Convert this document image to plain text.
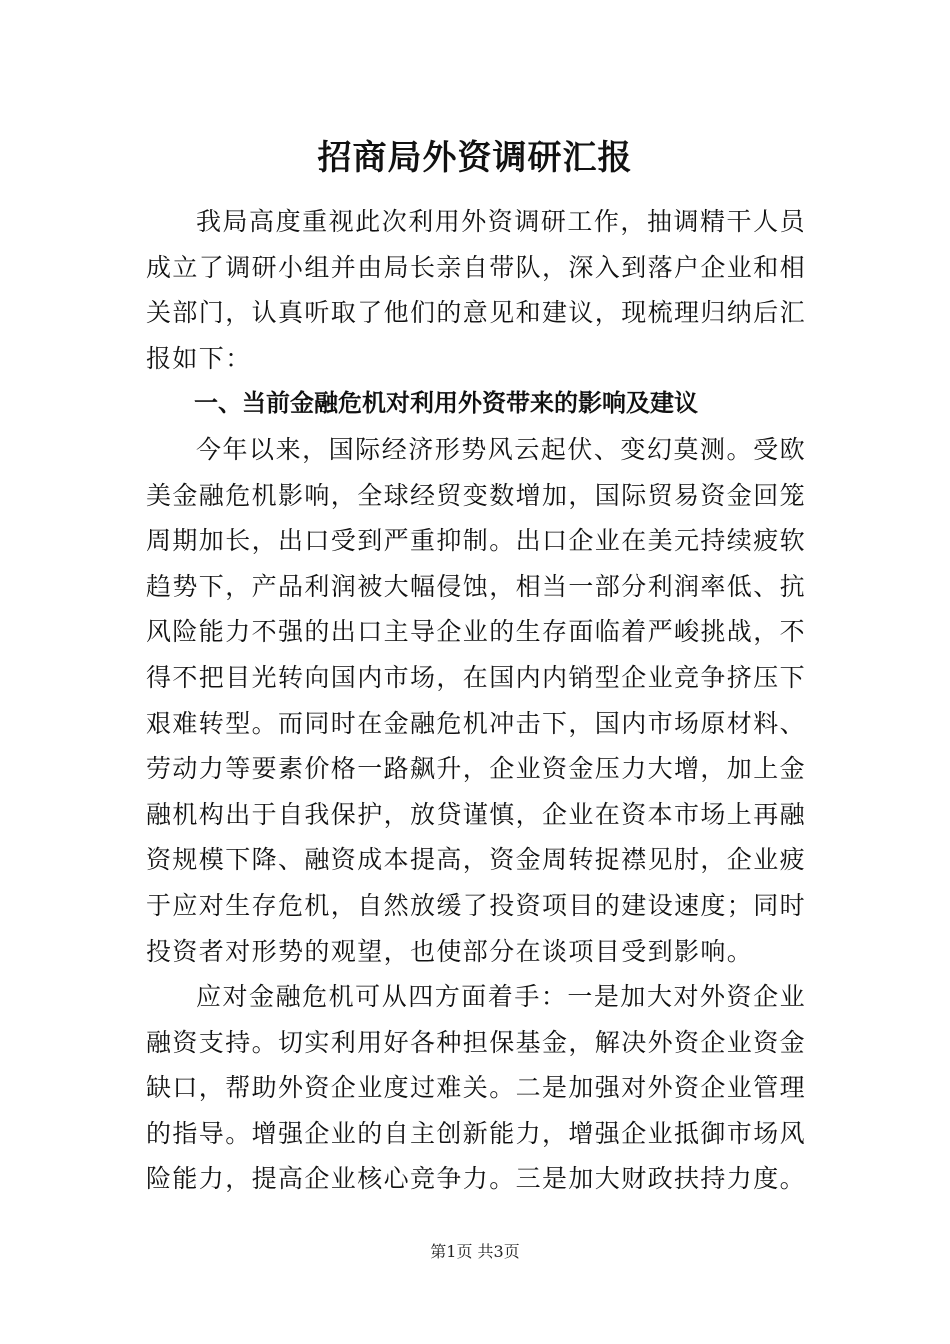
招商局外资调研汇报

我局高度重视此次利用外资调研工作，抽调精干人员成立了调研小组并由局长亲自带队，深入到落户企业和相关部门，认真听取了他们的意见和建议，现梳理归纳后汇报如下：

一、当前金融危机对利用外资带来的影响及建议

今年以来，国际经济形势风云起伏、变幻莫测。受欧美金融危机影响，全球经贸变数增加，国际贸易资金回笼周期加长，出口受到严重抑制。出口企业在美元持续疲软趋势下，产品利润被大幅侵蚀，相当一部分利润率低、抗风险能力不强的出口主导企业的生存面临着严峻挑战，不得不把目光转向国内市场，在国内内销型企业竞争挤压下艰难转型。而同时在金融危机冲击下，国内市场原材料、劳动力等要素价格一路飙升，企业资金压力大增，加上金融机构出于自我保护，放贷谨慎，企业在资本市场上再融资规模下降、融资成本提高，资金周转捉襟见肘，企业疲于应对生存危机，自然放缓了投资项目的建设速度；同时投资者对形势的观望，也使部分在谈项目受到影响。

应对金融危机可从四方面着手：一是加大对外资企业融资支持。切实利用好各种担保基金，解决外资企业资金缺口，帮助外资企业度过难关。二是加强对外资企业管理的指导。增强企业的自主创新能力，增强企业抵御市场风险能力，提高企业核心竞争力。三是加大财政扶持力度。

第1页 共3页
